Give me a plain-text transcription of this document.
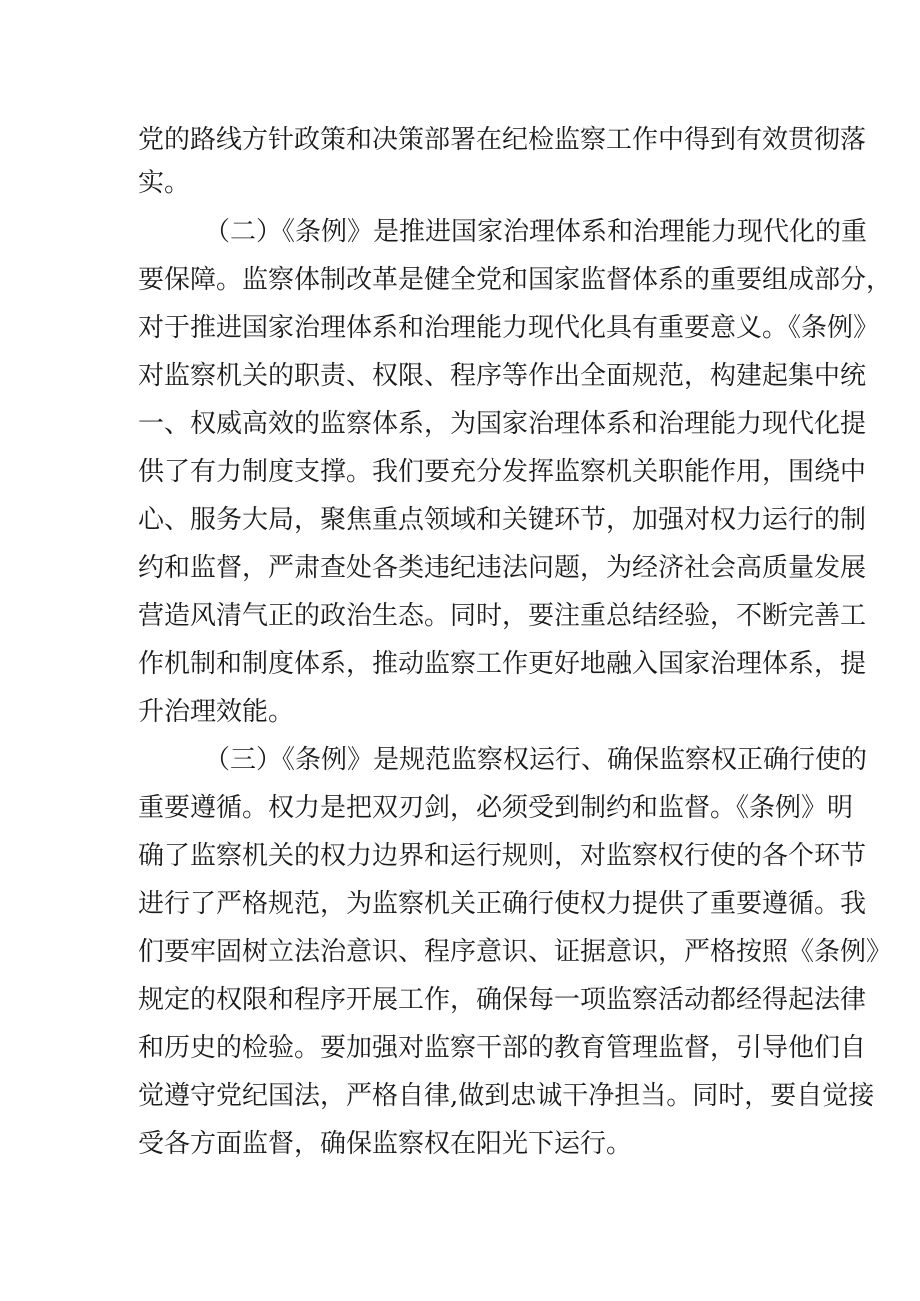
党的路线方针政策和决策部署在纪检监察工作中得到有效贯彻落
实。
（二）《条例》是推进国家治理体系和治理能力现代化的重
要保障。监察体制改革是健全党和国家监督体系的重要组成部分，
对于推进国家治理体系和治理能力现代化具有重要意义。《条例》
对监察机关的职责、权限、程序等作出全面规范，构建起集中统
一、权威高效的监察体系，为国家治理体系和治理能力现代化提
供了有力制度支撑。我们要充分发挥监察机关职能作用，围绕中
心、服务大局，聚焦重点领域和关键环节，加强对权力运行的制
约和监督，严肃查处各类违纪违法问题，为经济社会高质量发展
营造风清气正的政治生态。同时，要注重总结经验，不断完善工
作机制和制度体系，推动监察工作更好地融入国家治理体系，提
升治理效能。
（三）《条例》是规范监察权运行、确保监察权正确行使的
重要遵循。权力是把双刃剑，必须受到制约和监督。《条例》明
确了监察机关的权力边界和运行规则，对监察权行使的各个环节
进行了严格规范，为监察机关正确行使权力提供了重要遵循。我
们要牢固树立法治意识、程序意识、证据意识，严格按照《条例》
规定的权限和程序开展工作，确保每一项监察活动都经得起法律
和历史的检验。要加强对监察干部的教育管理监督，引导他们自
觉遵守党纪国法，严格自律,做到忠诚干净担当。同时，要自觉接
受各方面监督，确保监察权在阳光下运行。
